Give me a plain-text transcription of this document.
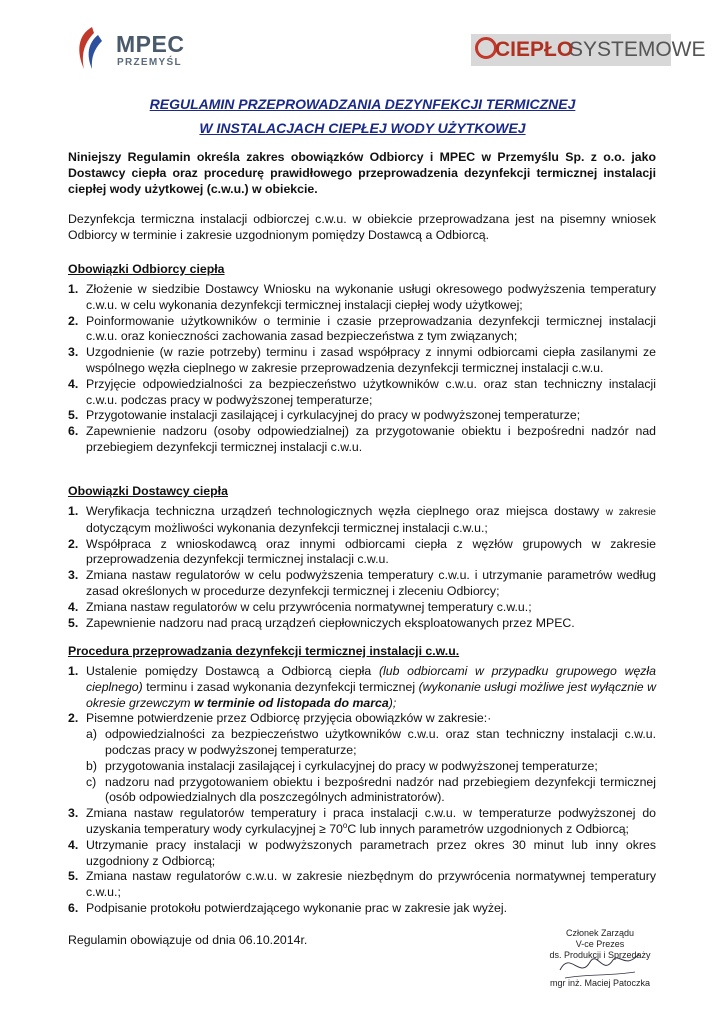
MPEC
PRZEMYŚL
CIEPŁO
SYSTEMOWE
REGULAMIN PRZEPROWADZANIA DEZYNFEKCJI TERMICZNEJ
W INSTALACJACH CIEPŁEJ WODY UŻYTKOWEJ
Niniejszy Regulamin określa zakres obowiązków Odbiorcy i MPEC w Przemyślu Sp. z o.o. jako Dostawcy ciepła oraz procedurę prawidłowego przeprowadzenia dezynfekcji termicznej instalacji ciepłej wody użytkowej (c.w.u.) w obiekcie.
Dezynfekcja termiczna instalacji odbiorczej c.w.u. w obiekcie przeprowadzana jest na pisemny wniosek Odbiorcy w terminie i zakresie uzgodnionym pomiędzy Dostawcą a Odbiorcą.
Obowiązki Odbiorcy ciepła
1. Złożenie w siedzibie Dostawcy Wniosku na wykonanie usługi okresowego podwyższenia temperatury c.w.u. w celu wykonania dezynfekcji termicznej instalacji ciepłej wody użytkowej;
2. Poinformowanie użytkowników o terminie i czasie przeprowadzania dezynfekcji termicznej instalacji c.w.u. oraz konieczności zachowania zasad bezpieczeństwa z tym związanych;
3. Uzgodnienie (w razie potrzeby) terminu i zasad współpracy z innymi odbiorcami ciepła zasilanymi ze wspólnego węzła cieplnego w zakresie przeprowadzenia dezynfekcji termicznej instalacji c.w.u.
4. Przyjęcie odpowiedzialności za bezpieczeństwo użytkowników c.w.u. oraz stan techniczny instalacji c.w.u. podczas pracy w podwyższonej temperaturze;
5. Przygotowanie instalacji zasilającej i cyrkulacyjnej do pracy w podwyższonej temperaturze;
6. Zapewnienie nadzoru (osoby odpowiedzialnej) za przygotowanie obiektu i bezpośredni nadzór nad przebiegiem dezynfekcji termicznej instalacji c.w.u.
Obowiązki Dostawcy ciepła
1. Weryfikacja techniczna urządzeń technologicznych węzła cieplnego oraz miejsca dostawy w zakresie dotyczącym możliwości wykonania dezynfekcji termicznej instalacji c.w.u.;
2. Współpraca z wnioskodawcą oraz innymi odbiorcami ciepła z węzłów grupowych w zakresie przeprowadzenia dezynfekcji termicznej instalacji c.w.u.
3. Zmiana nastaw regulatorów w celu podwyższenia temperatury c.w.u. i utrzymanie parametrów według zasad określonych w procedurze dezynfekcji termicznej i zleceniu Odbiorcy;
4. Zmiana nastaw regulatorów w celu przywrócenia normatywnej temperatury c.w.u.;
5. Zapewnienie nadzoru nad pracą urządzeń ciepłowniczych eksploatowanych przez MPEC.
Procedura przeprowadzania dezynfekcji termicznej instalacji c.w.u.
1. Ustalenie pomiędzy Dostawcą a Odbiorcą ciepła (lub odbiorcami w przypadku grupowego węzła cieplnego) terminu i zasad wykonania dezynfekcji termicznej (wykonanie usługi możliwe jest wyłącznie w okresie grzewczym w terminie od listopada do marca);
2. Pisemne potwierdzenie przez Odbiorcę przyjęcia obowiązków w zakresie:·
a) odpowiedzialności za bezpieczeństwo użytkowników c.w.u. oraz stan techniczny instalacji c.w.u. podczas pracy w podwyższonej temperaturze;
b) przygotowania instalacji zasilającej i cyrkulacyjnej do pracy w podwyższonej temperaturze;
c) nadzoru nad przygotowaniem obiektu i bezpośredni nadzór nad przebiegiem dezynfekcji termicznej (osób odpowiedzialnych dla poszczególnych administratorów).
3. Zmiana nastaw regulatorów temperatury i praca instalacji c.w.u. w temperaturze podwyższonej do uzyskania temperatury wody cyrkulacyjnej ≥ $70^oC$ lub innych parametrów uzgodnionych z Odbiorcą;
4. Utrzymanie pracy instalacji w podwyższonych parametrach przez okres 30 minut lub inny okres uzgodniony z Odbiorcą;
5. Zmiana nastaw regulatorów c.w.u. w zakresie niezbędnym do przywrócenia normatywnej temperatury c.w.u.;
6. Podpisanie protokołu potwierdzającego wykonanie prac w zakresie jak wyżej.
Regulamin obowiązuje od dnia 06.10.2014r.	Członek Zarządu
V-ce Prezes
ds. Produkcji i Sprzedaży
mgr inż. Maciej Patoczka
